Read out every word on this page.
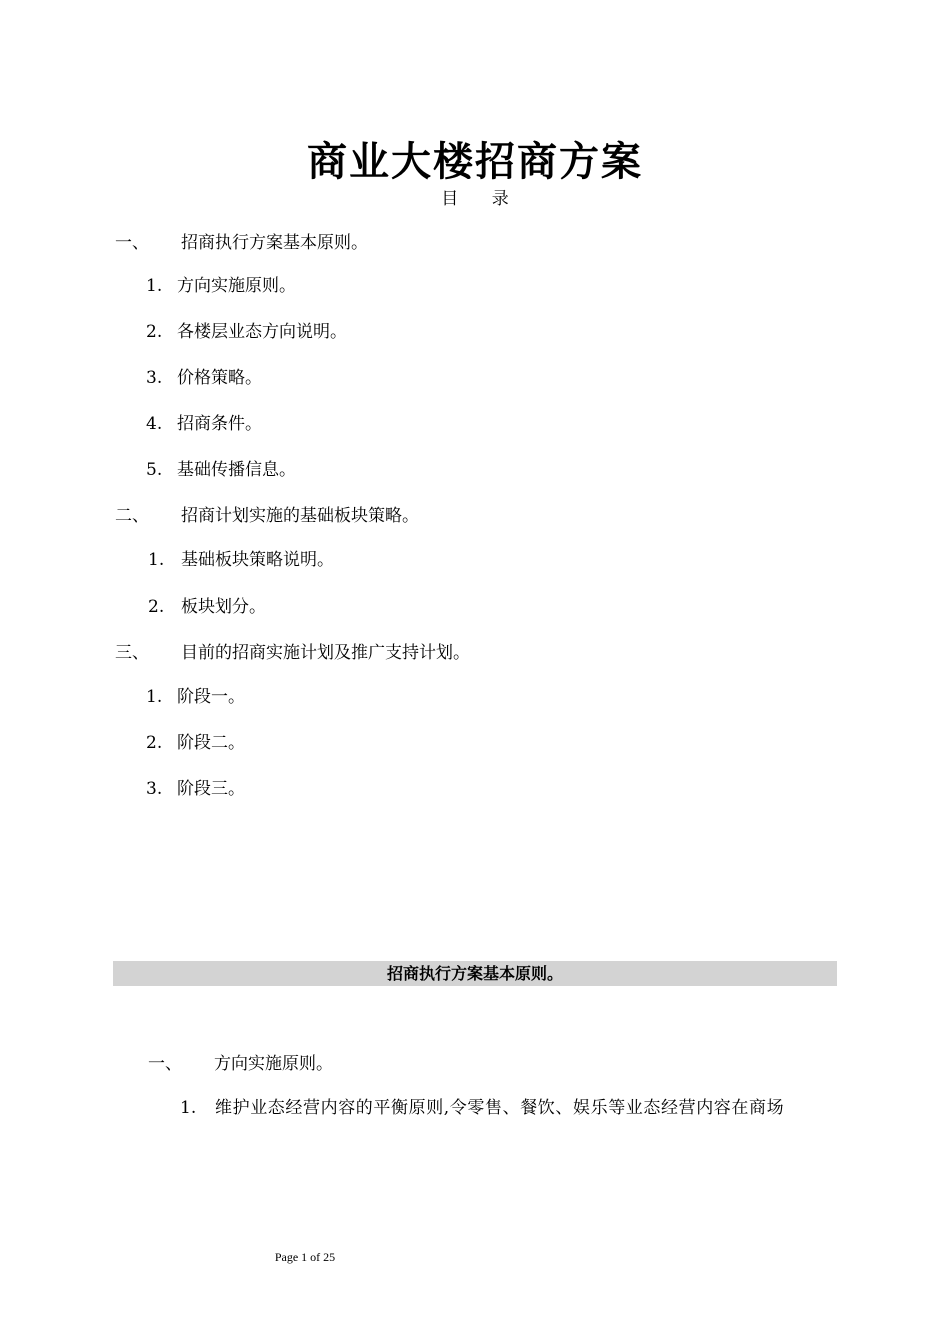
商业大楼招商方案
目 录
一、 招商执行方案基本原则。
1. 方向实施原则。
2. 各楼层业态方向说明。
3. 价格策略。
4. 招商条件。
5. 基础传播信息。
二、 招商计划实施的基础板块策略。
1. 基础板块策略说明。
2. 板块划分。
三、 目前的招商实施计划及推广支持计划。
1. 阶段一。
2. 阶段二。
3. 阶段三。
招商执行方案基本原则。
一、 方向实施原则。
1. 维护业态经营内容的平衡原则,令零售、餐饮、娱乐等业态经营内容在商场
Page 1 of 25
